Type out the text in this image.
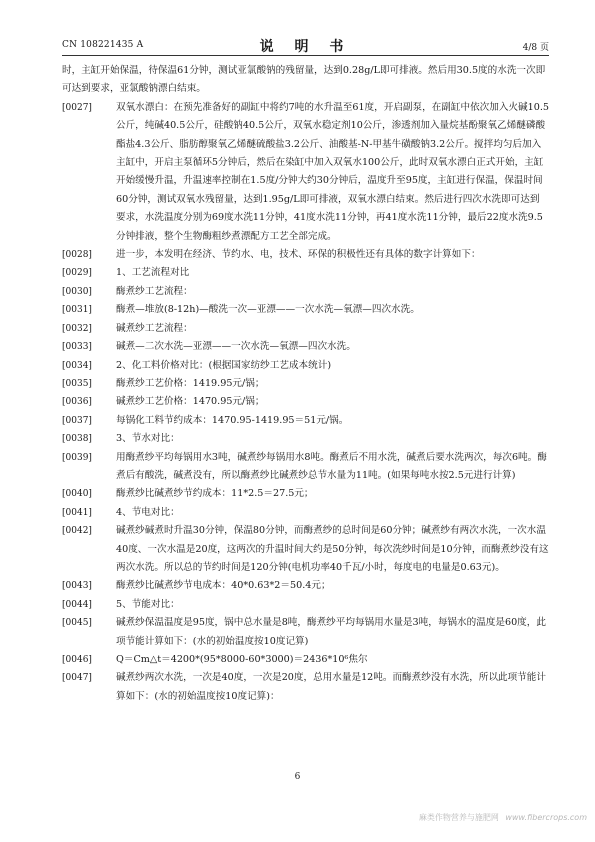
CN 108221435 A	说 明 书	4/8 页
时，主缸开始保温，待保温61分钟，测试亚氯酸钠的残留量，达到0.28g/L即可排液。然后用30.5度的水洗一次即可达到要求，亚氯酸钠漂白结束。
[0027]	双氧水漂白：在预先准备好的副缸中将约7吨的水升温至61度，开启副泵，在副缸中依次加入火碱10.5公斤，纯碱40.5公斤，硅酸钠40.5公斤，双氧水稳定剂10公斤，渗透剂加入量烷基酚聚氧乙烯醚磷酸酯盐4.3公斤、脂肪醇聚氧乙烯醚硫酸盐3.2公斤、油酸基-N-甲基牛磺酸钠3.2公斤。搅拌均匀后加入主缸中，开启主泵循环5分钟后，然后在染缸中加入双氧水100公斤，此时双氧水漂白正式开始，主缸开始缓慢升温，升温速率控制在1.5度/分钟大约30分钟后，温度升至95度，主缸进行保温，保温时间60分钟，测试双氧水残留量，达到1.95g/L即可排液，双氧水漂白结束。然后进行四次水洗即可达到要求，水洗温度分别为69度水洗11分钟，41度水洗11分钟，再41度水洗11分钟，最后22度水洗9.5分钟排液，整个生物酶粗纱煮漂配方工艺全部完成。
[0028]	进一步，本发明在经济、节约水、电，技术、环保的积极性还有具体的数字计算如下：
[0029]	1、工艺流程对比
[0030]	酶煮纱工艺流程：
[0031]	酶煮—堆放(8-12h)—酸洗一次—亚漂——一次水洗—氧漂—四次水洗。
[0032]	碱煮纱工艺流程：
[0033]	碱煮—二次水洗—亚漂——一次水洗—氧漂—四次水洗。
[0034]	2、化工料价格对比：(根据国家纺纱工艺成本统计)
[0035]	酶煮纱工艺价格：1419.95元/锅；
[0036]	碱煮纱工艺价格：1470.95元/锅；
[0037]	每锅化工料节约成本：1470.95-1419.95＝51元/锅。
[0038]	3、节水对比：
[0039]	用酶煮纱平均每锅用水3吨，碱煮纱每锅用水8吨。酶煮后不用水洗，碱煮后要水洗两次，每次6吨。酶煮后有酸洗，碱煮没有，所以酶煮纱比碱煮纱总节水量为11吨。(如果每吨水按2.5元进行计算)
[0040]	酶煮纱比碱煮纱节约成本：11*2.5＝27.5元；
[0041]	4、节电对比：
[0042]	碱煮纱碱煮时升温30分钟，保温80分钟，而酶煮纱的总时间是60分钟；碱煮纱有两次水洗，一次水温40度、一次水温是20度，这两次的升温时间大约是50分钟，每次洗纱时间是10分钟，而酶煮纱没有这两次水洗。所以总的节约时间是120分钟(电机功率40千瓦/小时，每度电的电量是0.63元)。
[0043]	酶煮纱比碱煮纱节电成本：40*0.63*2＝50.4元；
[0044]	5、节能对比：
[0045]	碱煮纱保温温度是95度，锅中总水量是8吨，酶煮纱平均每锅用水量是3吨，每锅水的温度是60度，此项节能计算如下：(水的初始温度按10度记算)
[0046]	Q＝Cm△t＝4200*(95*8000-60*3000)＝2436*10⁶焦尔
[0047]	碱煮纱两次水洗，一次是40度，一次是20度，总用水量是12吨。而酶煮纱没有水洗，所以此项节能计算如下：(水的初始温度按10度记算)：
6
麻类作物营养与施肥网 www.fibercrops.com
